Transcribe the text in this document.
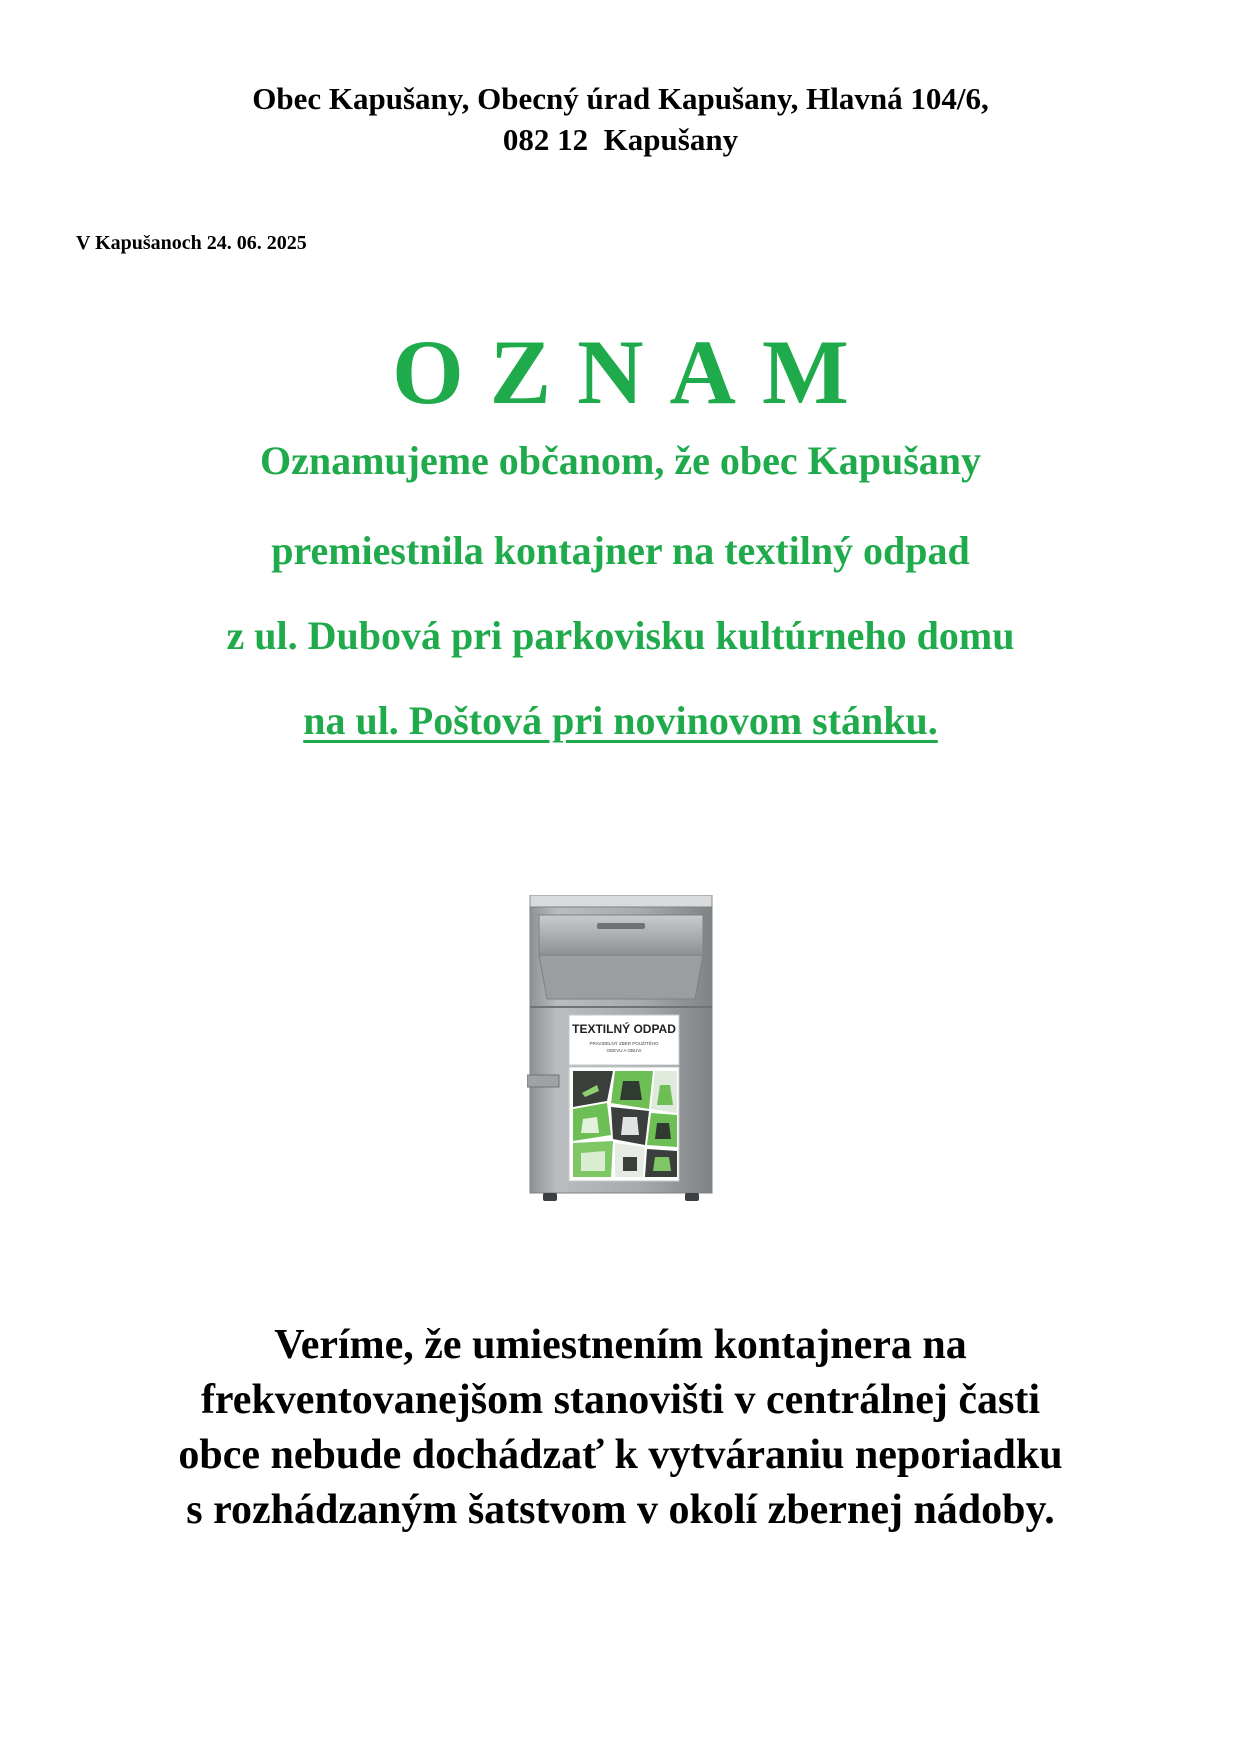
Obec Kapušany, Obecný úrad Kapušany, Hlavná 104/6,
082 12  Kapušany
V Kapušanoch 24. 06. 2025
OZNAM
Oznamujeme občanom, že obec Kapušany
premiestnila kontajner na textilný odpad
z ul. Dubová pri parkovisku kultúrneho domu
na ul. Poštová pri novinovom stánku.
TEXTILNÝ ODPAD
PRAVIDELNÝ ZBER POUŽITÉHO
ODEVU A OBUVI
Veríme, že umiestnením kontajnera na
frekventovanejšom stanovišti v centrálnej časti
obce nebude dochádzať k vytváraniu neporiadku
s rozhádzaným šatstvom v okolí zbernej nádoby.
